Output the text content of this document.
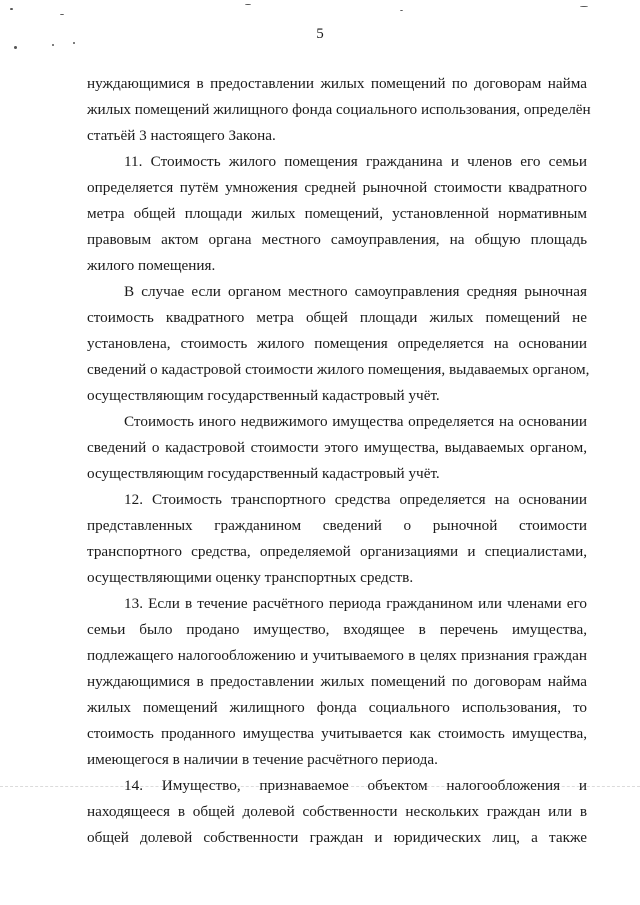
5
нуждающимися в предоставлении жилых помещений по договорам найма
жилых помещений жилищного фонда социального использования, определён
статьёй 3 настоящего Закона.
11. Стоимость жилого помещения гражданина и членов его семьи
определяется путём умножения средней рыночной стоимости квадратного
метра общей площади жилых помещений, установленной нормативным
правовым актом органа местного самоуправления, на общую площадь
жилого помещения.
В случае если органом местного самоуправления средняя рыночная
стоимость квадратного метра общей площади жилых помещений не
установлена, стоимость жилого помещения определяется на основании
сведений о кадастровой стоимости жилого помещения, выдаваемых органом,
осуществляющим государственный кадастровый учёт.
Стоимость иного недвижимого имущества определяется на основании
сведений о кадастровой стоимости этого имущества, выдаваемых органом,
осуществляющим государственный кадастровый учёт.
12. Стоимость транспортного средства определяется на основании
представленных гражданином сведений о рыночной стоимости
транспортного средства, определяемой организациями и специалистами,
осуществляющими оценку транспортных средств.
13. Если в течение расчётного периода гражданином или членами его
семьи было продано имущество, входящее в перечень имущества,
подлежащего налогообложению и учитываемого в целях признания граждан
нуждающимися в предоставлении жилых помещений по договорам найма
жилых помещений жилищного фонда социального использования, то
стоимость проданного имущества учитывается как стоимость имущества,
имеющегося в наличии в течение расчётного периода.
14. Имущество, признаваемое объектом налогообложения и
находящееся в общей долевой собственности нескольких граждан или в
общей долевой собственности граждан и юридических лиц, а также
